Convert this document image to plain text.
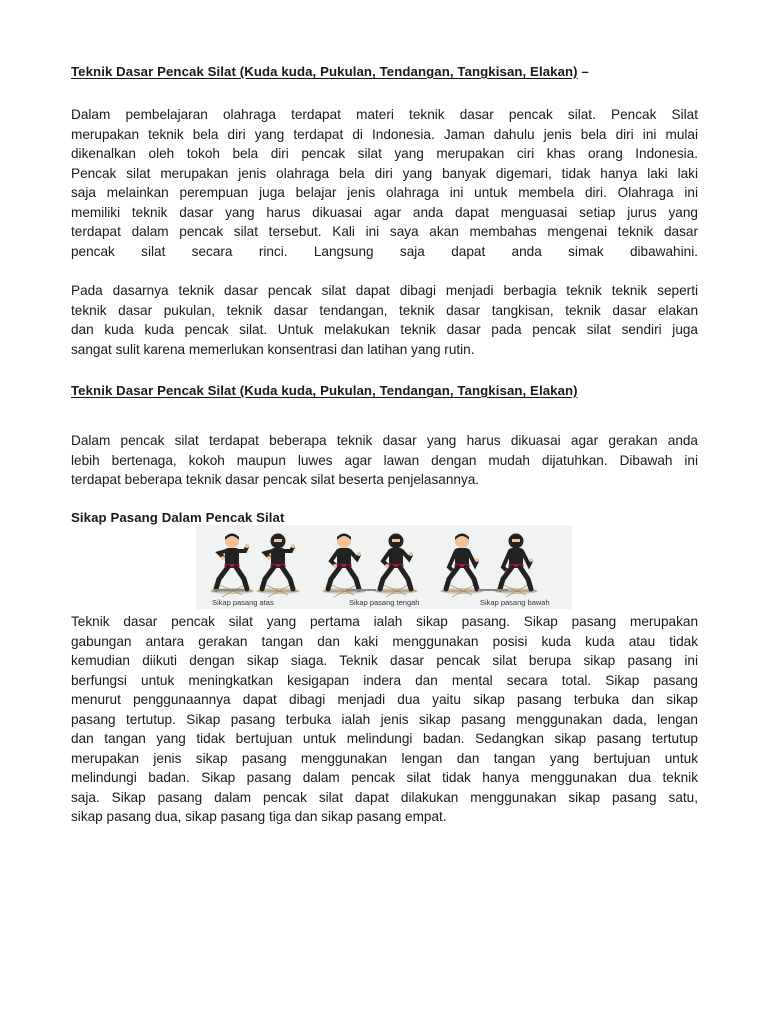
Teknik Dasar Pencak Silat (Kuda kuda, Pukulan, Tendangan, Tangkisan, Elakan) –
Dalam pembelajaran olahraga terdapat materi teknik dasar pencak silat. Pencak Silat
merupakan teknik bela diri yang terdapat di Indonesia. Jaman dahulu jenis bela diri ini mulai
dikenalkan oleh tokoh bela diri pencak silat yang merupakan ciri khas orang Indonesia.
Pencak silat merupakan jenis olahraga bela diri yang banyak digemari, tidak hanya laki laki
saja melainkan perempuan juga belajar jenis olahraga ini untuk membela diri. Olahraga ini
memiliki teknik dasar yang harus dikuasai agar anda dapat menguasai setiap jurus yang
terdapat dalam pencak silat tersebut. Kali ini saya akan membahas mengenai teknik dasar
pencak silat secara rinci. Langsung saja dapat anda simak dibawahini.
Pada dasarnya teknik dasar pencak silat dapat dibagi menjadi berbagia teknik teknik seperti
teknik dasar pukulan, teknik dasar tendangan, teknik dasar tangkisan, teknik dasar elakan
dan kuda kuda pencak silat. Untuk melakukan teknik dasar pada pencak silat sendiri juga
sangat sulit karena memerlukan konsentrasi dan latihan yang rutin.
Teknik Dasar Pencak Silat (Kuda kuda, Pukulan, Tendangan, Tangkisan, Elakan)
Dalam pencak silat terdapat beberapa teknik dasar yang harus dikuasai agar gerakan anda
lebih bertenaga, kokoh maupun luwes agar lawan dengan mudah dijatuhkan. Dibawah ini
terdapat beberapa teknik dasar pencak silat beserta penjelasannya.
Sikap Pasang Dalam Pencak Silat
Sikap pasang atas	Sikap pasang tengah	Sikap pasang bawah
Teknik dasar pencak silat yang pertama ialah sikap pasang. Sikap pasang merupakan
gabungan antara gerakan tangan dan kaki menggunakan posisi kuda kuda atau tidak
kemudian diikuti dengan sikap siaga. Teknik dasar pencak silat berupa sikap pasang ini
berfungsi untuk meningkatkan kesigapan indera dan mental secara total. Sikap pasang
menurut penggunaannya dapat dibagi menjadi dua yaitu sikap pasang terbuka dan sikap
pasang tertutup. Sikap pasang terbuka ialah jenis sikap pasang menggunakan dada, lengan
dan tangan yang tidak bertujuan untuk melindungi badan. Sedangkan sikap pasang tertutup
merupakan jenis sikap pasang menggunakan lengan dan tangan yang bertujuan untuk
melindungi badan. Sikap pasang dalam pencak silat tidak hanya menggunakan dua teknik
saja. Sikap pasang dalam pencak silat dapat dilakukan menggunakan sikap pasang satu,
sikap pasang dua, sikap pasang tiga dan sikap pasang empat.
